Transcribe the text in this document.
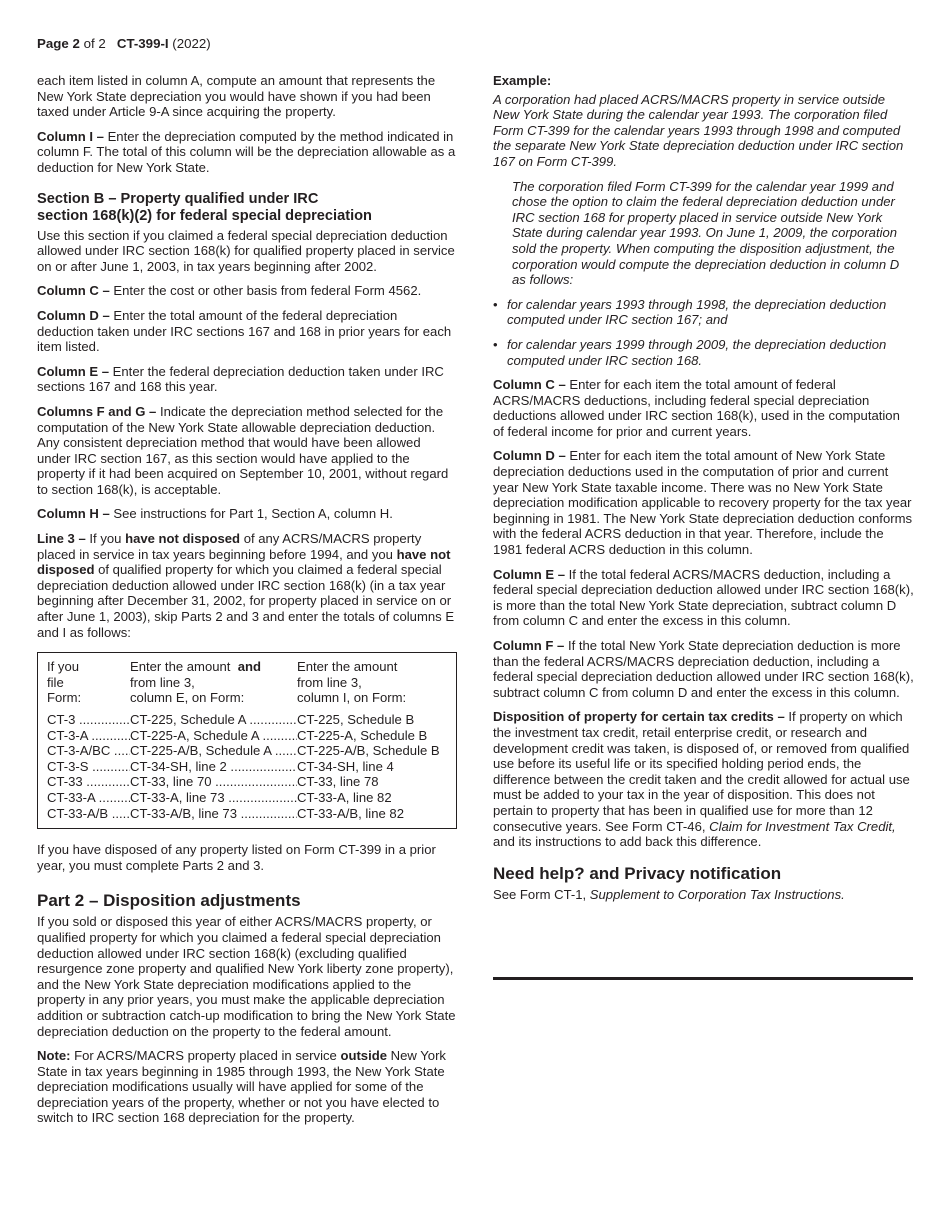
Page 2 of 2 CT-399-I (2022)

each item listed in column A, compute an amount that represents the New York State depreciation you would have shown if you had been taxed under Article 9-A since acquiring the property.

Column I – Enter the depreciation computed by the method indicated in column F. The total of this column will be the depreciation allowable as a deduction for New York State.

Section B – Property qualified under IRC
section 168(k)(2) for federal special depreciation

Use this section if you claimed a federal special depreciation deduction allowed under IRC section 168(k) for qualified property placed in service on or after June 1, 2003, in tax years beginning after 2002.

Column C – Enter the cost or other basis from federal Form 4562.

Column D – Enter the total amount of the federal depreciation deduction taken under IRC sections 167 and 168 in prior years for each item listed.

Column E – Enter the federal depreciation deduction taken under IRC sections 167 and 168 this year.

Columns F and G – Indicate the depreciation method selected for the computation of the New York State allowable depreciation deduction. Any consistent depreciation method that would have been allowed under IRC section 167, as this section would have applied to the property if it had been acquired on September 10, 2001, without regard to section 168(k), is acceptable.

Column H – See instructions for Part 1, Section A, column H.

Line 3 – If you have not disposed of any ACRS/MACRS property placed in service in tax years beginning before 1994, and you have not disposed of qualified property for which you claimed a federal special depreciation deduction allowed under IRC section 168(k) (in a tax year beginning after December 31, 2002, for property placed in service on or after June 1, 2003), skip Parts 2 and 3 and enter the totals of columns E and I as follows:

If you
file
Form:
Enter the amount and
from line 3,
column E, on Form:
Enter the amount
from line 3,
column I, on Form:
CT-3 .....	CT-225, Schedule A .....	CT-225, Schedule B
CT-3-A .....	CT-225-A, Schedule A .....	CT-225-A, Schedule B
CT-3-A/BC .....	CT-225-A/B, Schedule A .....	CT-225-A/B, Schedule B
CT-3-S .....	CT-34-SH, line 2 .....	CT-34-SH, line 4
CT-33 .....	CT-33, line 70 .....	CT-33, line 78
CT-33-A .....	CT-33-A, line 73 .....	CT-33-A, line 82
CT-33-A/B .....	CT-33-A/B, line 73 .....	CT-33-A/B, line 82

If you have disposed of any property listed on Form CT-399 in a prior year, you must complete Parts 2 and 3.

Part 2 – Disposition adjustments

If you sold or disposed this year of either ACRS/MACRS property, or qualified property for which you claimed a federal special depreciation deduction allowed under IRC section 168(k) (excluding qualified resurgence zone property and qualified New York liberty zone property), and the New York State depreciation modifications applied to the property in any prior years, you must make the applicable depreciation addition or subtraction catch-up modification to bring the New York State depreciation deduction on the property to the federal amount.

Note: For ACRS/MACRS property placed in service outside New York State in tax years beginning in 1985 through 1993, the New York State depreciation modifications usually will have applied for some of the depreciation years of the property, whether or not you have elected to switch to IRC section 168 depreciation for the property.

Example:

A corporation had placed ACRS/MACRS property in service outside New York State during the calendar year 1993. The corporation filed Form CT-399 for the calendar years 1993 through 1998 and computed the separate New York State depreciation deduction under IRC section 167 on Form CT-399.

The corporation filed Form CT-399 for the calendar year 1999 and chose the option to claim the federal depreciation deduction under IRC section 168 for property placed in service outside New York State during calendar year 1993. On June 1, 2009, the corporation sold the property. When computing the disposition adjustment, the corporation would compute the depreciation deduction in column D as follows:

• for calendar years 1993 through 1998, the depreciation deduction computed under IRC section 167; and
• for calendar years 1999 through 2009, the depreciation deduction computed under IRC section 168.

Column C – Enter for each item the total amount of federal ACRS/MACRS deductions, including federal special depreciation deductions allowed under IRC section 168(k), used in the computation of federal income for prior and current years.

Column D – Enter for each item the total amount of New York State depreciation deductions used in the computation of prior and current year New York State taxable income. There was no New York State depreciation modification applicable to recovery property for the tax year beginning in 1981. The New York State depreciation deduction conforms with the federal ACRS deduction in that year. Therefore, include the 1981 federal ACRS deduction in this column.

Column E – If the total federal ACRS/MACRS deduction, including a federal special depreciation deduction allowed under IRC section 168(k), is more than the total New York State depreciation, subtract column D from column C and enter the excess in this column.

Column F – If the total New York State depreciation deduction is more than the federal ACRS/MACRS depreciation deduction, including a federal special depreciation deduction allowed under IRC section 168(k), subtract column C from column D and enter the excess in this column.

Disposition of property for certain tax credits – If property on which the investment tax credit, retail enterprise credit, or research and development credit was taken, is disposed of, or removed from qualified use before its useful life or its specified holding period ends, the difference between the credit taken and the credit allowed for actual use must be added to your tax in the year of disposition. This does not pertain to property that has been in qualified use for more than 12 consecutive years. See Form CT-46, Claim for Investment Tax Credit, and its instructions to add back this difference.

Need help? and Privacy notification

See Form CT-1, Supplement to Corporation Tax Instructions.
